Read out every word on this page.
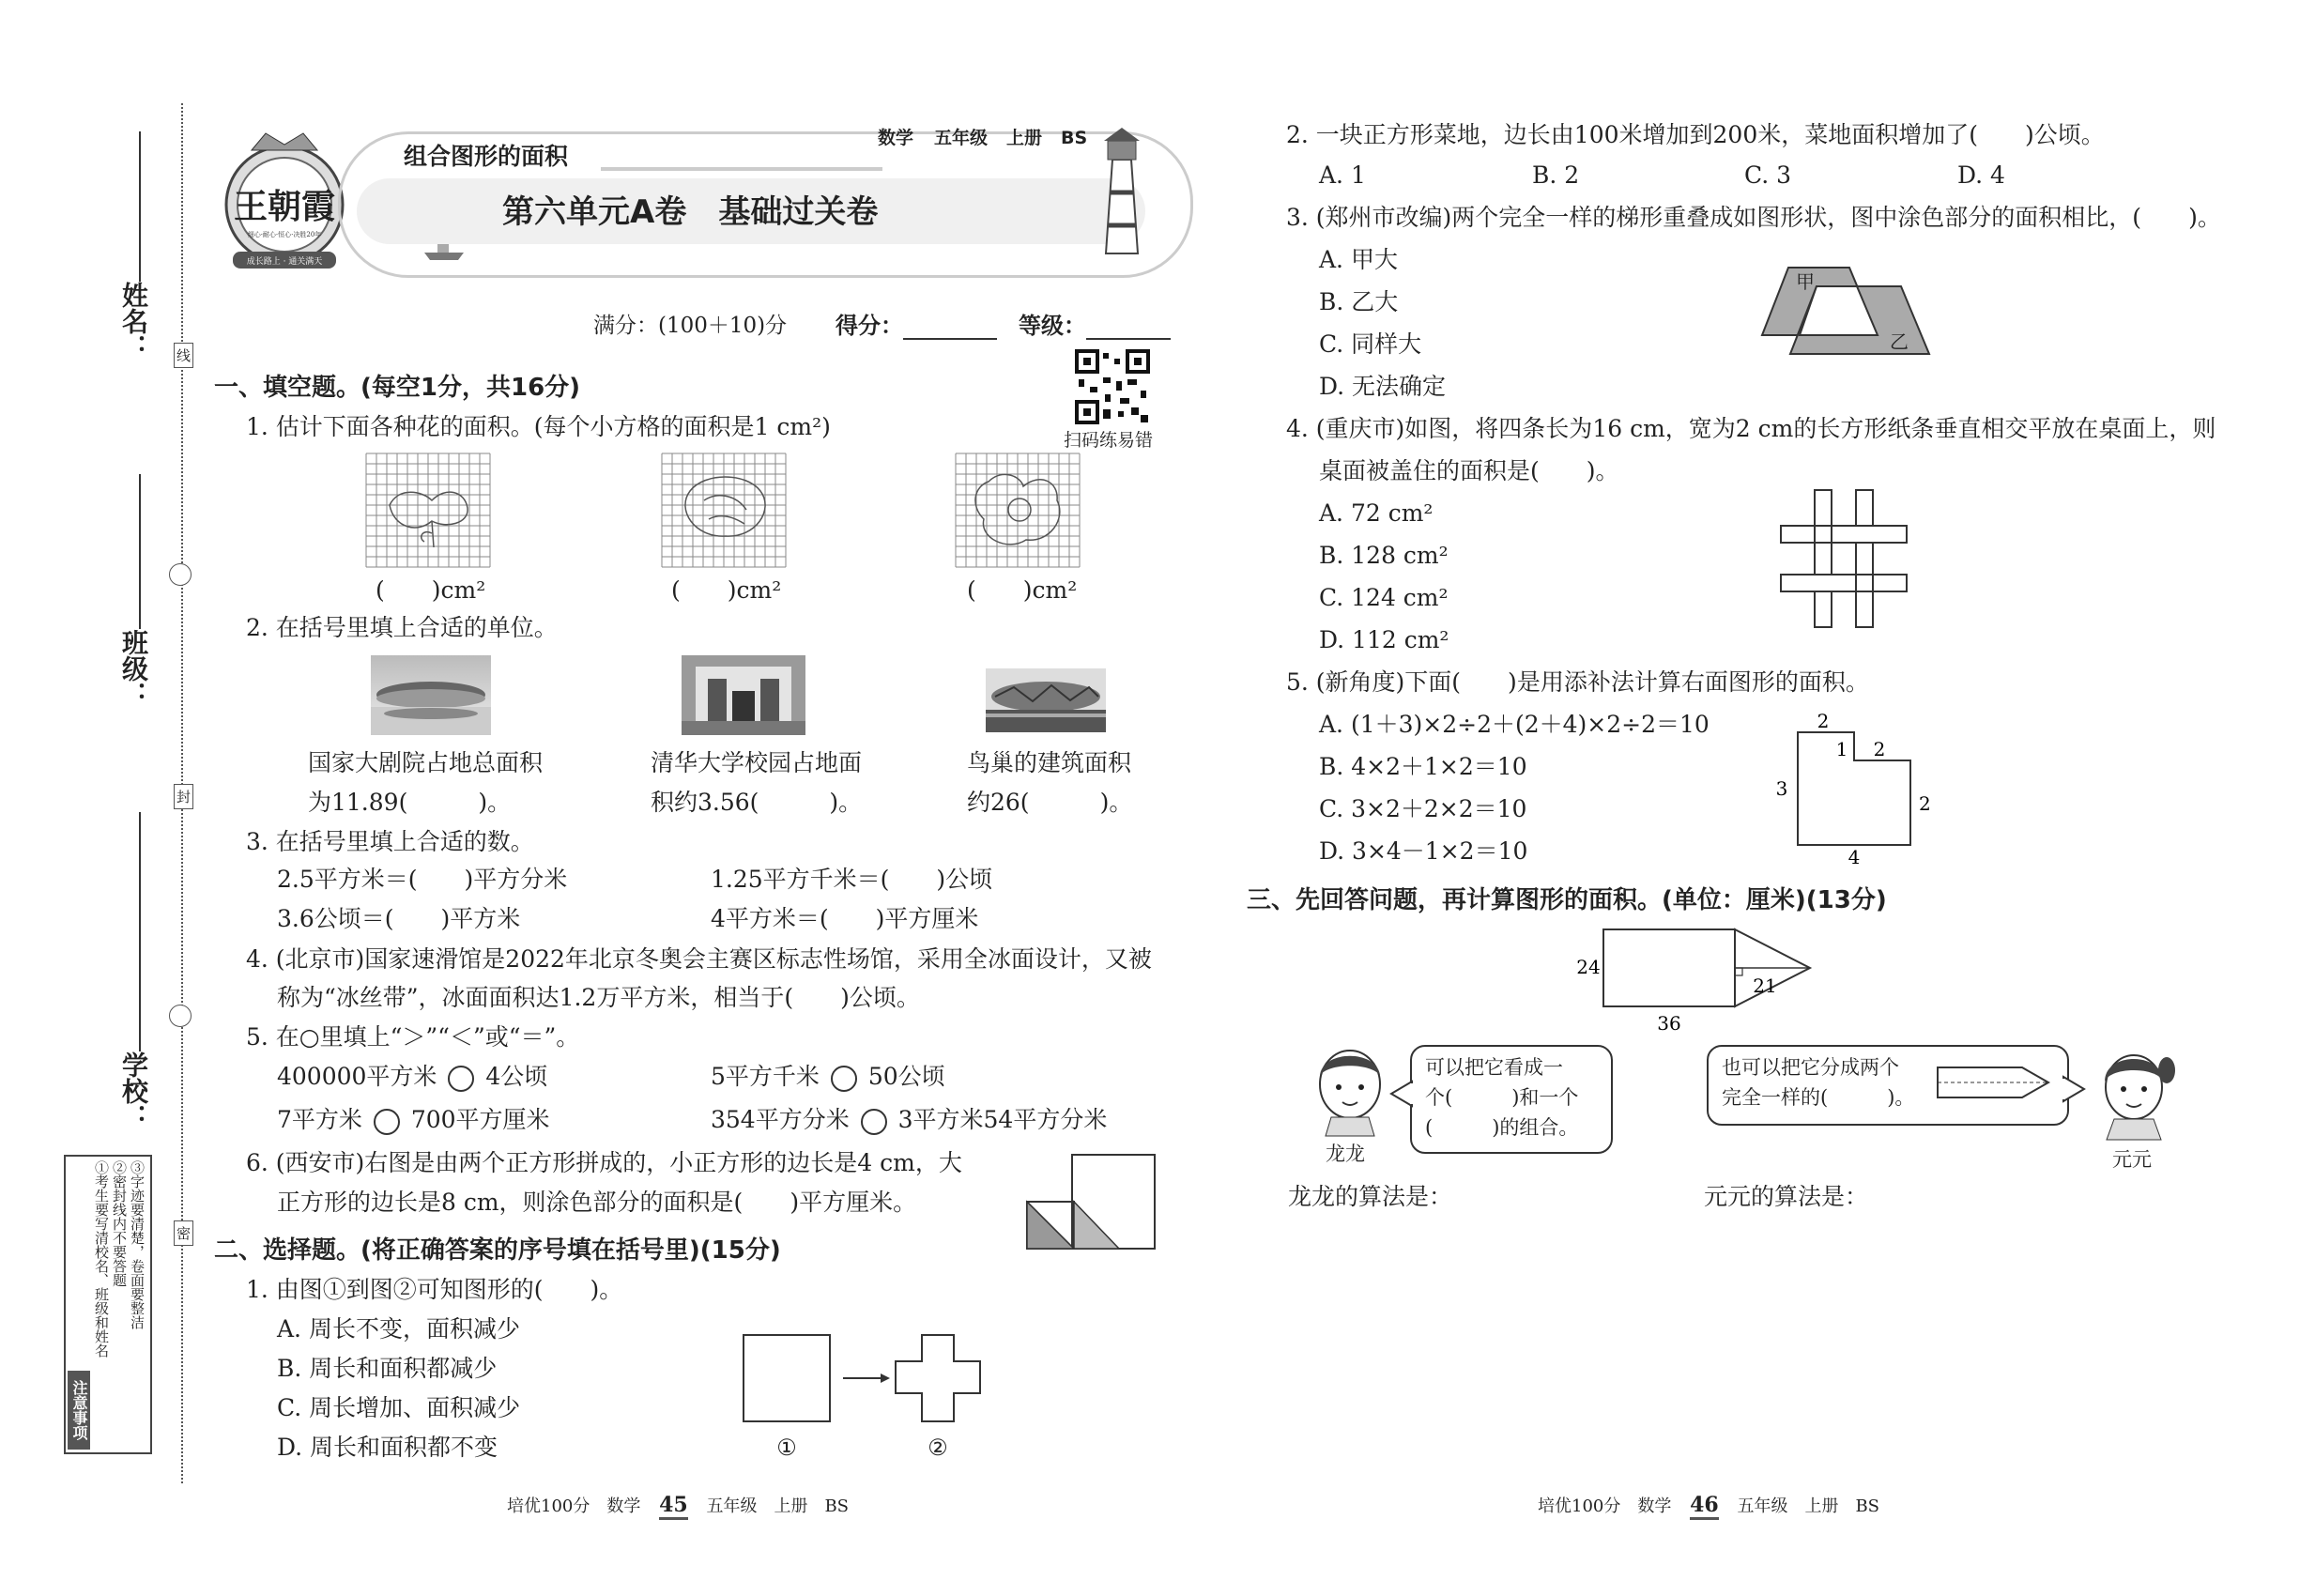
姓名：
班级：
学校：
线
封
密
注意事项
①考生要写清校名、班级和姓名 ②密封线内不要答题 ③字迹要清楚，卷面要整洁
王朝霞
细心·耐心·恒心·决胜20年
成长路上 · 通关满天
组合图形的面积
数学 五年级 上册 BS
第六单元A卷　基础过关卷
满分：(100＋10)分 得分：	等级：
扫码练易错
一、填空题。(每空1分，共16分)
1. 估计下面各种花的面积。(每个小方格的面积是1 cm²)
(　　)cm²	(　　)cm²	(　　)cm²
2. 在括号里填上合适的单位。
国家大剧院占地总面积
为11.89(　　　)。
清华大学校园占地面
积约3.56(　　　)。
鸟巢的建筑面积
约26(　　　)。
3. 在括号里填上合适的数。
2.5平方米＝(　　)平方分米	1.25平方千米＝(　　)公顷
3.6公顷＝(　　)平方米	4平方米＝(　　)平方厘米
4. (北京市)国家速滑馆是2022年北京冬奥会主赛区标志性场馆，采用全冰面设计，又被
称为“冰丝带”，冰面面积达1.2万平方米，相当于(　　)公顷。
5. 在○里填上“＞”“＜”或“＝”。
400000平方米 4公顷	5平方千米 50公顷
7平方米 700平方厘米	354平方分米 3平方米54平方分米
6. (西安市)右图是由两个正方形拼成的，小正方形的边长是4 cm，大
正方形的边长是8 cm，则涂色部分的面积是(　　)平方厘米。
二、选择题。(将正确答案的序号填在括号里)(15分)
1. 由图①到图②可知图形的(　　)。
A. 周长不变，面积减少
B. 周长和面积都减少
C. 周长增加、面积减少
D. 周长和面积都不变	①	②
培优100分　数学 45 五年级　上册　BS
2. 一块正方形菜地，边长由100米增加到200米，菜地面积增加了(　　)公顷。
A. 1	B. 2	C. 3	D. 4
3. (郑州市改编)两个完全一样的梯形重叠成如图形状，图中涂色部分的面积相比，(　　)。
A. 甲大
B. 乙大
C. 同样大
D. 无法确定
甲
乙
4. (重庆市)如图，将四条长为16 cm，宽为2 cm的长方形纸条垂直相交平放在桌面上，则
桌面被盖住的面积是(　　)。
A. 72 cm²
B. 128 cm²
C. 124 cm²
D. 112 cm²
5. (新角度)下面(　　)是用添补法计算右面图形的面积。
A. (1＋3)×2÷2＋(2＋4)×2÷2＝10
B. 4×2＋1×2＝10
C. 3×2＋2×2＝10
D. 3×4－1×2＝10
2
1 2
3
2
4
三、先回答问题，再计算图形的面积。(单位：厘米)(13分)
24
21
36
龙龙
可以把它看成一
个(　　　)和一个
(　　　)的组合。
也可以把它分成两个
完全一样的(　　　)。
元元
龙龙的算法是：	元元的算法是：
培优100分　数学 46 五年级　上册　BS
